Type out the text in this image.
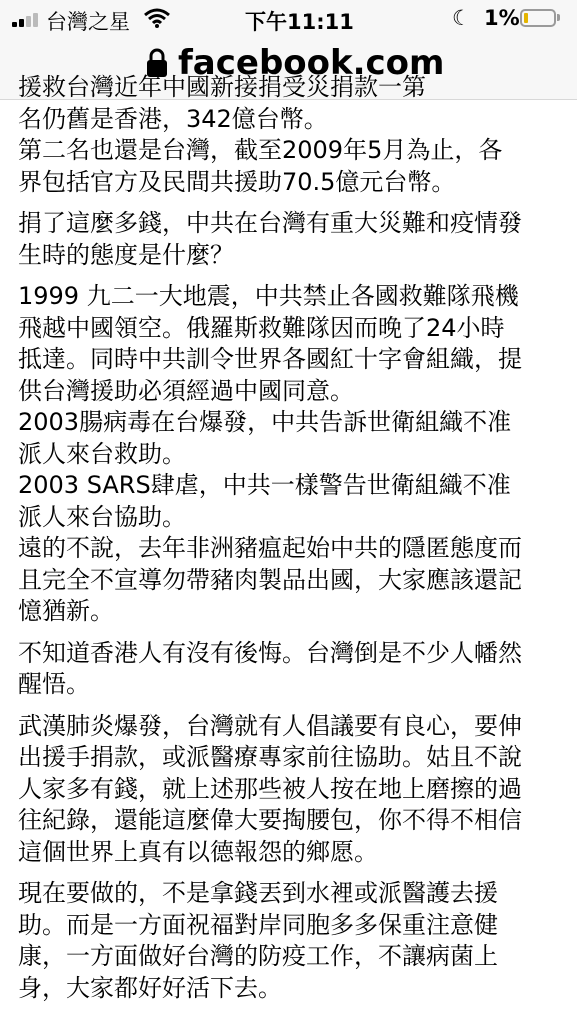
台灣之星	下午11:11	☾ 1%
facebook.com
援救台灣近年中國新接捐受災捐款一第
名仍舊是香港，342億台幣。
第二名也還是台灣，截至2009年5月為止，各
界包括官方及民間共援助70.5億元台幣。
捐了這麼多錢，中共在台灣有重大災難和疫情發
生時的態度是什麼？
1999 九二一大地震，中共禁止各國救難隊飛機
飛越中國領空。俄羅斯救難隊因而晚了24小時
抵達。同時中共訓令世界各國紅十字會組織，提
供台灣援助必須經過中國同意。
2003腸病毒在台爆發，中共告訴世衛組織不准
派人來台救助。
2003 SARS肆虐，中共一樣警告世衛組織不准
派人來台協助。
遠的不說，去年非洲豬瘟起始中共的隱匿態度而
且完全不宣導勿帶豬肉製品出國，大家應該還記
憶猶新。
不知道香港人有沒有後悔。台灣倒是不少人幡然
醒悟。
武漢肺炎爆發，台灣就有人倡議要有良心，要伸
出援手捐款，或派醫療專家前往協助。姑且不說
人家多有錢，就上述那些被人按在地上磨擦的過
往紀錄，還能這麼偉大要掏腰包，你不得不相信
這個世界上真有以德報怨的鄉愿。
現在要做的，不是拿錢丟到水裡或派醫護去援
助。而是一方面祝福對岸同胞多多保重注意健
康，一方面做好台灣的防疫工作，不讓病菌上
身，大家都好好活下去。
